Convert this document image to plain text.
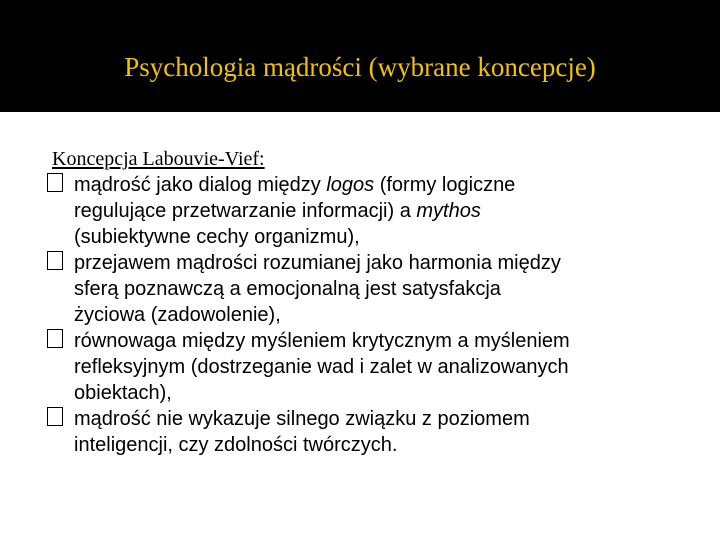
Psychologia mądrości (wybrane koncepcje)
Koncepcja Labouvie-Vief:
mądrość jako dialog między logos (formy logiczne
regulujące przetwarzanie informacji) a mythos
(subiektywne cechy organizmu),
przejawem mądrości rozumianej jako harmonia między
sferą poznawczą a emocjonalną jest satysfakcja
życiowa (zadowolenie),
równowaga między myśleniem krytycznym a myśleniem
refleksyjnym (dostrzeganie wad i zalet w analizowanych
obiektach),
mądrość nie wykazuje silnego związku z poziomem
inteligencji, czy zdolności twórczych.
